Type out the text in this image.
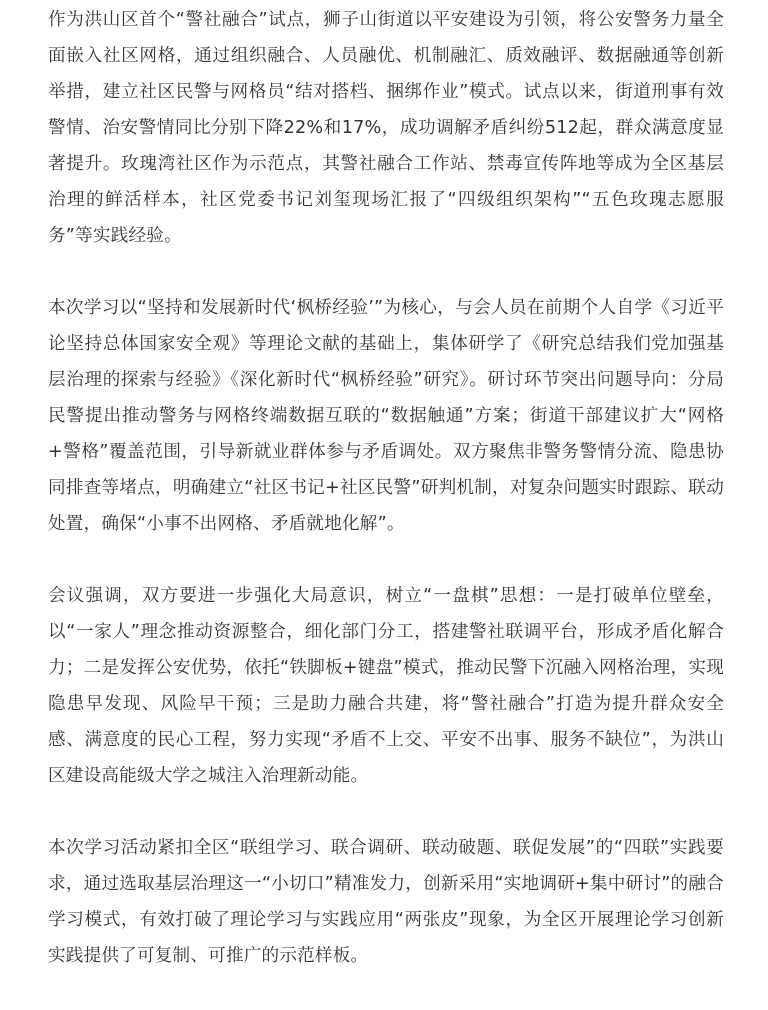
作为洪山区首个“警社融合”试点，狮子山街道以平安建设为引领，将公安警务力量全面嵌入社区网格，通过组织融合、人员融优、机制融汇、质效融评、数据融通等创新举措，建立社区民警与网格员“结对搭档、捆绑作业”模式。试点以来，街道刑事有效警情、治安警情同比分别下降22%和17%，成功调解矛盾纠纷512起，群众满意度显著提升。玫瑰湾社区作为示范点，其警社融合工作站、禁毒宣传阵地等成为全区基层治理的鲜活样本，社区党委书记刘玺现场汇报了“四级组织架构”“五色玫瑰志愿服务”等实践经验。

本次学习以“坚持和发展新时代‘枫桥经验’”为核心，与会人员在前期个人自学《习近平论坚持总体国家安全观》等理论文献的基础上，集体研学了《研究总结我们党加强基层治理的探索与经验》《深化新时代“枫桥经验”研究》。研讨环节突出问题导向：分局民警提出推动警务与网格终端数据互联的“数据触通”方案；街道干部建议扩大“网格+警格”覆盖范围，引导新就业群体参与矛盾调处。双方聚焦非警务警情分流、隐患协同排查等堵点，明确建立“社区书记+社区民警”研判机制，对复杂问题实时跟踪、联动处置，确保“小事不出网格、矛盾就地化解”。

会议强调，双方要进一步强化大局意识，树立“一盘棋”思想：一是打破单位壁垒，以“一家人”理念推动资源整合，细化部门分工，搭建警社联调平台，形成矛盾化解合力；二是发挥公安优势，依托“铁脚板+键盘”模式，推动民警下沉融入网格治理，实现隐患早发现、风险早干预；三是助力融合共建，将“警社融合”打造为提升群众安全感、满意度的民心工程，努力实现“矛盾不上交、平安不出事、服务不缺位”，为洪山区建设高能级大学之城注入治理新动能。

本次学习活动紧扣全区“联组学习、联合调研、联动破题、联促发展”的“四联”实践要求，通过选取基层治理这一“小切口”精准发力，创新采用“实地调研+集中研讨”的融合学习模式，有效打破了理论学习与实践应用“两张皮”现象，为全区开展理论学习创新实践提供了可复制、可推广的示范样板。
